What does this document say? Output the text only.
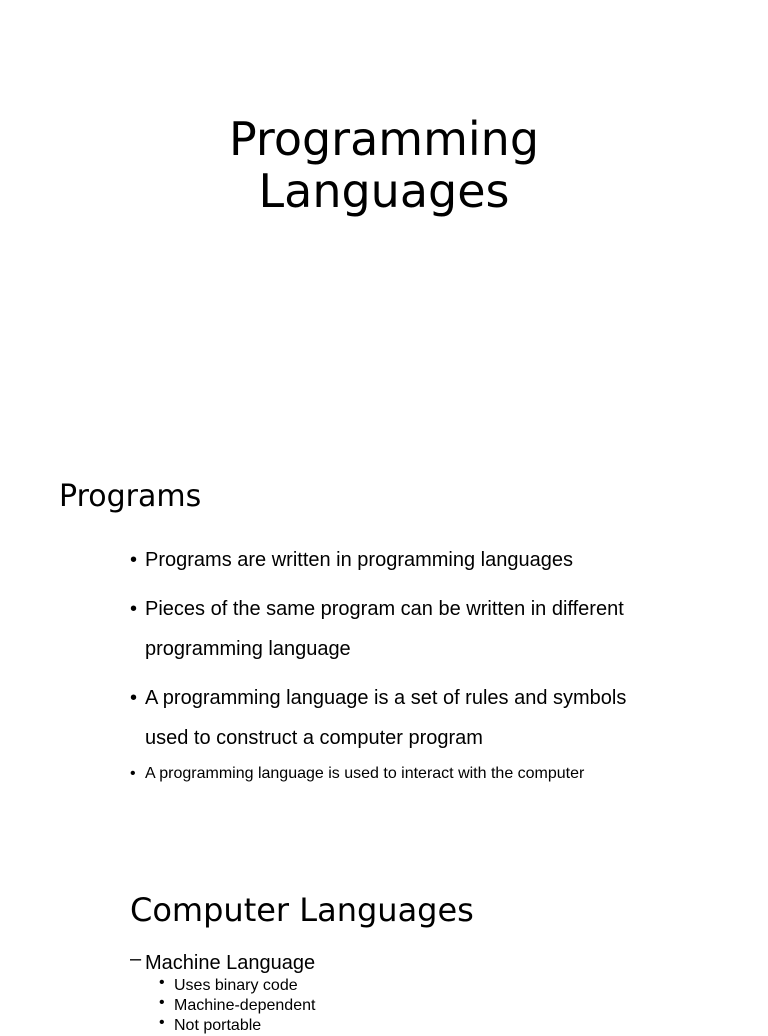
Programming
Languages
Programs
• Programs are written in programming languages
• Pieces of the same program can be written in different programming language
• A programming language is a set of rules and symbols used to construct a computer program
• A programming language is used to interact with the computer
Computer Languages
– Machine Language
• Uses binary code
• Machine-dependent
• Not portable
